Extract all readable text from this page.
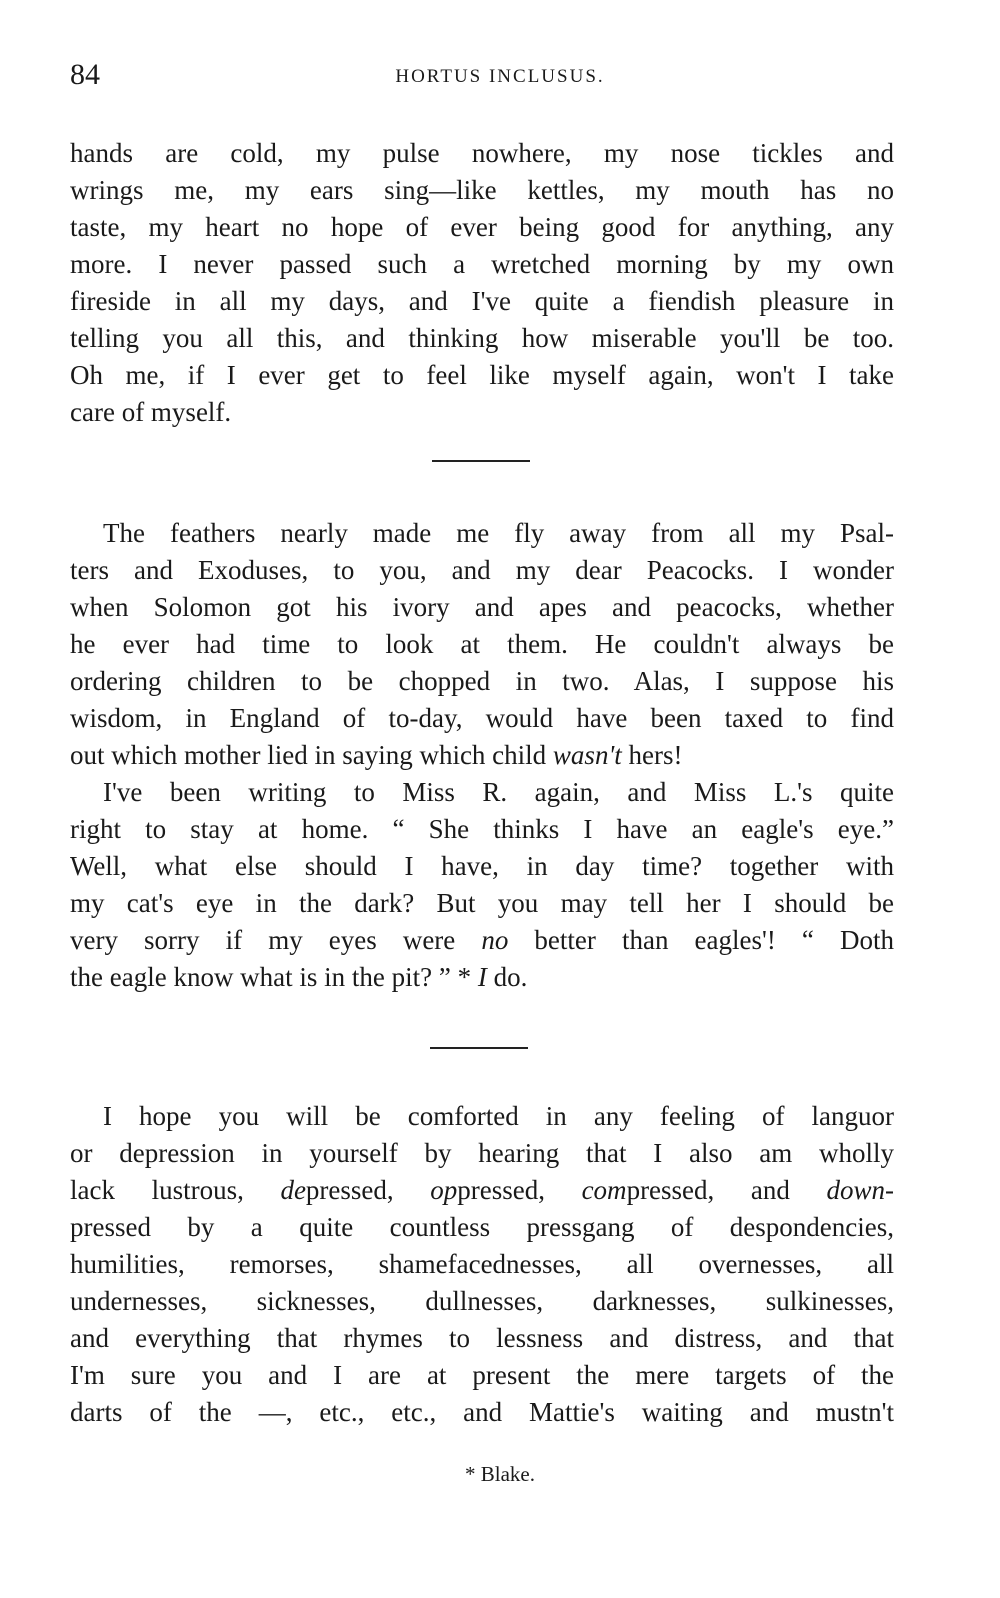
84	HORTUS INCLUSUS.
hands are cold, my pulse nowhere, my nose tickles and
wrings me, my ears sing—like kettles, my mouth has no
taste, my heart no hope of ever being good for anything, any
more. I never passed such a wretched morning by my own
fireside in all my days, and I've quite a fiendish pleasure in
telling you all this, and thinking how miserable you'll be too.
Oh me, if I ever get to feel like myself again, won't I take
care of myself.
The feathers nearly made me fly away from all my Psal-
ters and Exoduses, to you, and my dear Peacocks. I wonder
when Solomon got his ivory and apes and peacocks, whether
he ever had time to look at them. He couldn't always be
ordering children to be chopped in two. Alas, I suppose his
wisdom, in England of to-day, would have been taxed to find
out which mother lied in saying which child wasn't hers!
I've been writing to Miss R. again, and Miss L.'s quite
right to stay at home. “ She thinks I have an eagle's eye.”
Well, what else should I have, in day time? together with
my cat's eye in the dark? But you may tell her I should be
very sorry if my eyes were no better than eagles'! “ Doth
the eagle know what is in the pit? ” * I do.
I hope you will be comforted in any feeling of languor
or depression in yourself by hearing that I also am wholly
lack lustrous, depressed, oppressed, compressed, and down-
pressed by a quite countless pressgang of despondencies,
humilities, remorses, shamefacednesses, all overnesses, all
undernesses, sicknesses, dullnesses, darknesses, sulkinesses,
and everything that rhymes to lessness and distress, and that
I'm sure you and I are at present the mere targets of the
darts of the —, etc., etc., and Mattie's waiting and mustn't
* Blake.
